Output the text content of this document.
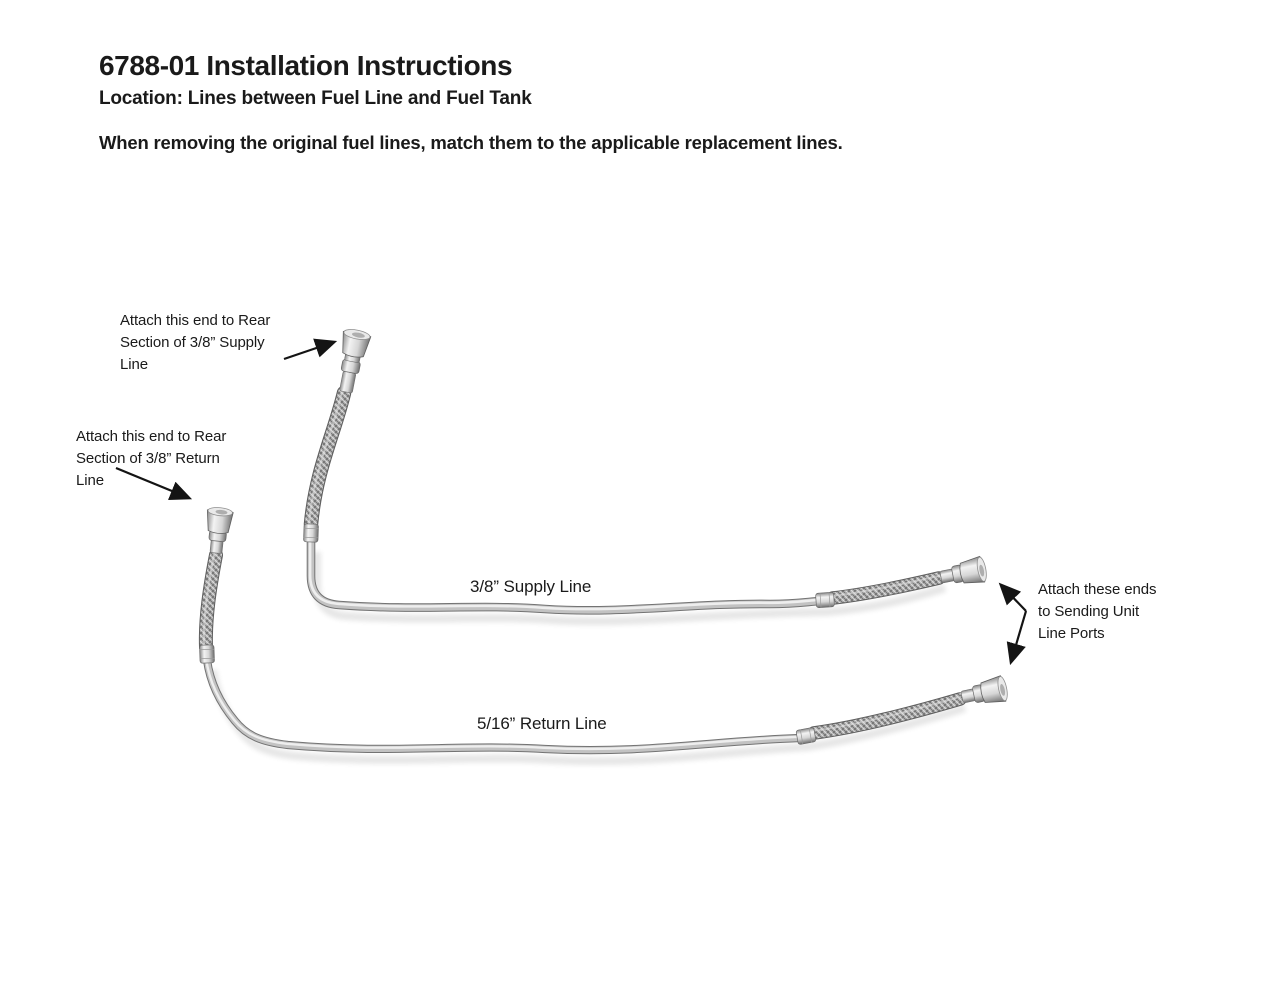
6788-01 Installation Instructions
Location: Lines between Fuel Line and Fuel Tank

When removing the original fuel lines, match them to the applicable replacement lines.

Attach this end to Rear Section of 3/8” Supply Line
Attach this end to Rear Section of 3/8” Return Line
Attach these ends to Sending Unit Line Ports
3/8” Supply Line
5/16” Return Line
